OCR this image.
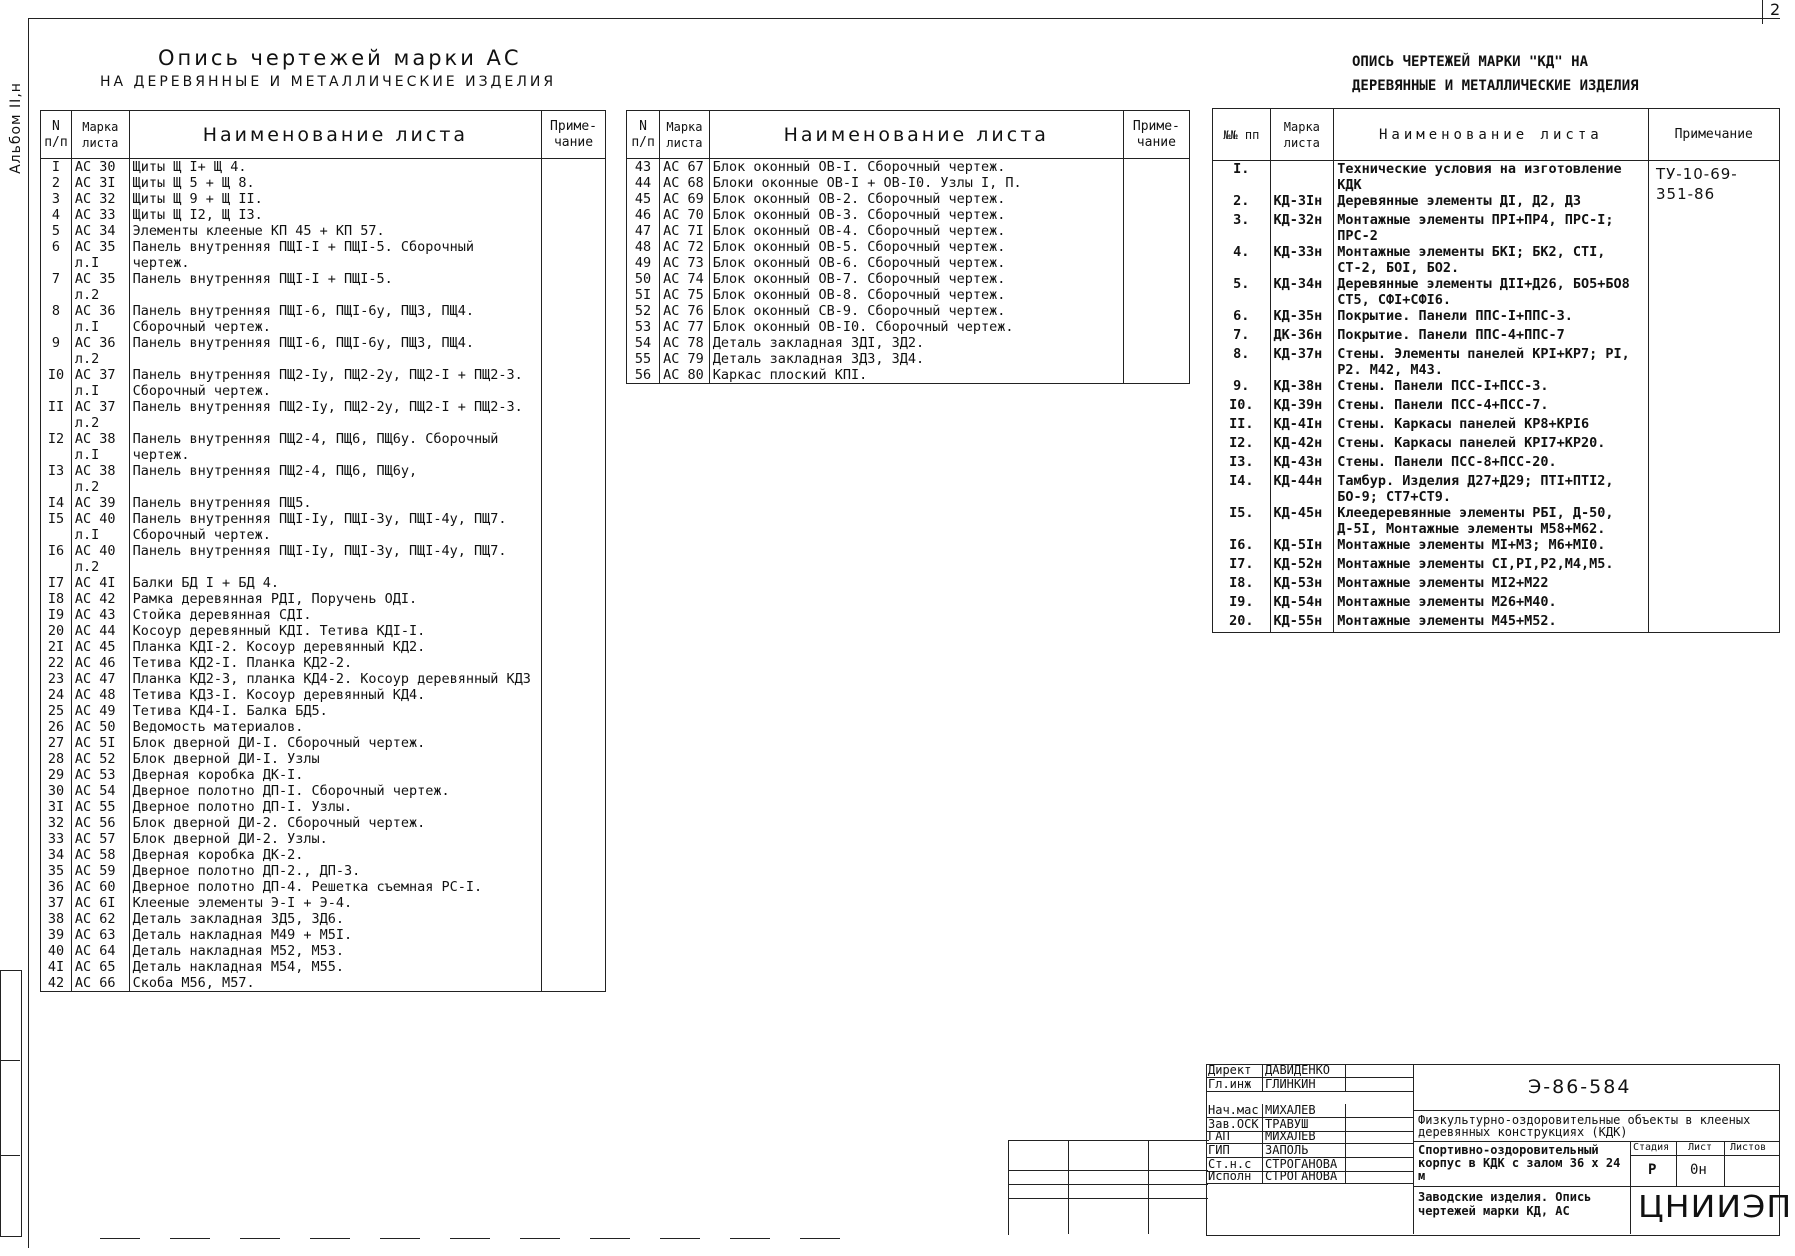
2
Альбом II,н
Опись чертежей марки АС
НА ДЕРЕВЯННЫЕ И МЕТАЛЛИЧЕСКИЕ ИЗДЕЛИЯ
N п/п	Марка листа	Наименование листа	Приме- чание
I	АС 30	Щиты Щ I+ Щ 4.	
2	АС 3I	Щиты Щ 5 + Щ 8.	
3	АС 32	Щиты Щ 9 + Щ II.	
4	АС 33	Щиты Щ I2, Щ I3.	
5	АС 34	Элементы клееные КП 45 + КП 57.	
6	АС 35 л.I	Панель внутренняя ПЩI-I + ПЩI-5. Сборочный чертеж.	
7	АС 35 л.2	Панель внутренняя ПЩI-I + ПЩI-5.	
8	АС 36 л.I	Панель внутренняя ПЩI-6, ПЩI-6у, ПЩ3, ПЩ4. Сборочный чертеж.	
9	АС 36 л.2	Панель внутренняя ПЩI-6, ПЩI-6у, ПЩ3, ПЩ4.	
I0	АС 37 л.I	Панель внутренняя ПЩ2-Iу, ПЩ2-2у, ПЩ2-I + ПЩ2-3. Сборочный чертеж.	
II	АС 37 л.2	Панель внутренняя ПЩ2-Iу, ПЩ2-2у, ПЩ2-I + ПЩ2-3.	
I2	АС 38 л.I	Панель внутренняя ПЩ2-4, ПЩ6, ПЩ6у. Сборочный чертеж.	
I3	АС 38 л.2	Панель внутренняя ПЩ2-4, ПЩ6, ПЩ6у,	
I4	АС 39	Панель внутренняя ПЩ5.	
I5	АС 40 л.I	Панель внутренняя ПЩI-Iу, ПЩI-3у, ПЩI-4у, ПЩ7. Сборочный чертеж.	
I6	АС 40 л.2	Панель внутренняя ПЩI-Iу, ПЩI-3у, ПЩI-4у, ПЩ7.	
I7	АС 4I	Балки БД I + БД 4.	
I8	АС 42	Рамка деревянная РДI, Поручень ОДI.	
I9	АС 43	Стойка деревянная СДI.	
20	АС 44	Косоур деревянный КДI. Тетива КДI-I.	
2I	АС 45	Планка КДI-2. Косоур деревянный КД2.	
22	АС 46	Тетива КД2-I. Планка КД2-2.	
23	АС 47	Планка КД2-3, планка КД4-2. Косоур деревянный КД3	
24	АС 48	Тетива КД3-I. Косоур деревянный КД4.	
25	АС 49	Тетива КД4-I. Балка БД5.	
26	АС 50	Ведомость материалов.	
27	АС 5I	Блок дверной ДИ-I. Сборочный чертеж.	
28	АС 52	Блок дверной ДИ-I. Узлы	
29	АС 53	Дверная коробка ДК-I.	
30	АС 54	Дверное полотно ДП-I. Сборочный чертеж.	
3I	АС 55	Дверное полотно ДП-I. Узлы.	
32	АС 56	Блок дверной ДИ-2. Сборочный чертеж.	
33	АС 57	Блок дверной ДИ-2. Узлы.	
34	АС 58	Дверная коробка ДК-2.	
35	АС 59	Дверное полотно ДП-2., ДП-3.	
36	АС 60	Дверное полотно ДП-4. Решетка съемная РС-I.	
37	АС 6I	Клееные элементы Э-I + Э-4.	
38	АС 62	Деталь закладная ЗД5, ЗД6.	
39	АС 63	Деталь накладная М49 + М5I.	
40	АС 64	Деталь накладная М52, М53.	
4I	АС 65	Деталь накладная М54, М55.	
42	АС 66	Скоба М56, М57.	
N п/п	Марка листа	Наименование листа	Приме- чание
43	АС 67	Блок оконный ОВ-I. Сборочный чертеж.	
44	АС 68	Блоки оконные ОВ-I + ОВ-I0. Узлы I, П.	
45	АС 69	Блок оконный ОВ-2. Сборочный чертеж.	
46	АС 70	Блок оконный ОВ-3. Сборочный чертеж.	
47	АС 7I	Блок оконный ОВ-4. Сборочный чертеж.	
48	АС 72	Блок оконный ОВ-5. Сборочный чертеж.	
49	АС 73	Блок оконный ОВ-6. Сборочный чертеж.	
50	АС 74	Блок оконный ОВ-7. Сборочный чертеж.	
5I	АС 75	Блок оконный ОВ-8. Сборочный чертеж.	
52	АС 76	Блок оконный СВ-9. Сборочный чертеж.	
53	АС 77	Блок оконный ОВ-I0. Сборочный чертеж.	
54	АС 78	Деталь закладная ЗДI, ЗД2.	
55	АС 79	Деталь закладная ЗД3, ЗД4.	
56	АС 80	Каркас плоский КПI.	
ОПИСЬ ЧЕРТЕЖЕЙ МАРКИ "КД" НА
ДЕРЕВЯННЫЕ И МЕТАЛЛИЧЕСКИЕ ИЗДЕЛИЯ
№№ пп	Марка листа	Наименование листа	Примечание
I.		Технические условия на изготовление КДК	
2.	КД-3Iн	Деревянные элементы ДI, Д2, Д3	
3.	КД-32н	Монтажные элементы ПРI+ПР4, ПРС-I; ПРС-2	
4.	КД-33н	Монтажные элементы БКI; БК2, СТI, СТ-2, БОI, БО2.	
5.	КД-34н	Деревянные элементы ДII+Д26, БО5+БО8 СТ5, СФI+СФI6.	
6.	КД-35н	Покрытие. Панели ППС-I+ППС-3.	
7.	ДК-36н	Покрытие. Панели ППС-4+ППС-7	
8.	КД-37н	Стены. Элементы панелей КРI+КР7; РI, Р2. М42, М43.	
9.	КД-38н	Стены. Панели ПСС-I+ПСС-3.	
I0.	КД-39н	Стены. Панели ПСС-4+ПСС-7.	
II.	КД-4Iн	Стены. Каркасы панелей КР8+КРI6	
I2.	КД-42н	Стены. Каркасы панелей КРI7+КР20.	
I3.	КД-43н	Стены. Панели ПСС-8+ПСС-20.	
I4.	КД-44н	Тамбур. Изделия Д27+Д29; ПТI+ПТI2, БО-9; СТ7+СТ9.	
I5.	КД-45н	Клеедеревянные элементы РБI, Д-50, Д-5I, Монтажные элементы М58+М62.	
I6.	КД-5Iн	Монтажные элементы МI+М3; М6+МI0.	
I7.	КД-52н	Монтажные элементы СI,РI,Р2,М4,М5.	
I8.	КД-53н	Монтажные элементы МI2+М22	
I9.	КД-54н	Монтажные элементы М26+М40.	
20.	КД-55н	Монтажные элементы М45+М52.	
ТУ-10-69-351-86
Директ	ДАВИДЕНКО
Гл.инж	ГЛИНКИН
Нач.мас МИХАЛЕВ
Зав.ОСК ТРАВУШ
ГАП	МИХАЛЕВ
ГИП	ЗАПОЛЬ
Ст.н.с	СТРОГАНОВА
Исполн	СТРОГАНОВА
Э-86-584
Физкультурно-оздоровительные объекты в клееных деревянных конструкциях (КДК)
Спортивно-оздоровительный корпус в КДК с залом 36 х 24 м
Заводские изделия. Опись чертежей марки КД, АС
Стадия Лист Листов
Р 0н
ЦНИИЭП
